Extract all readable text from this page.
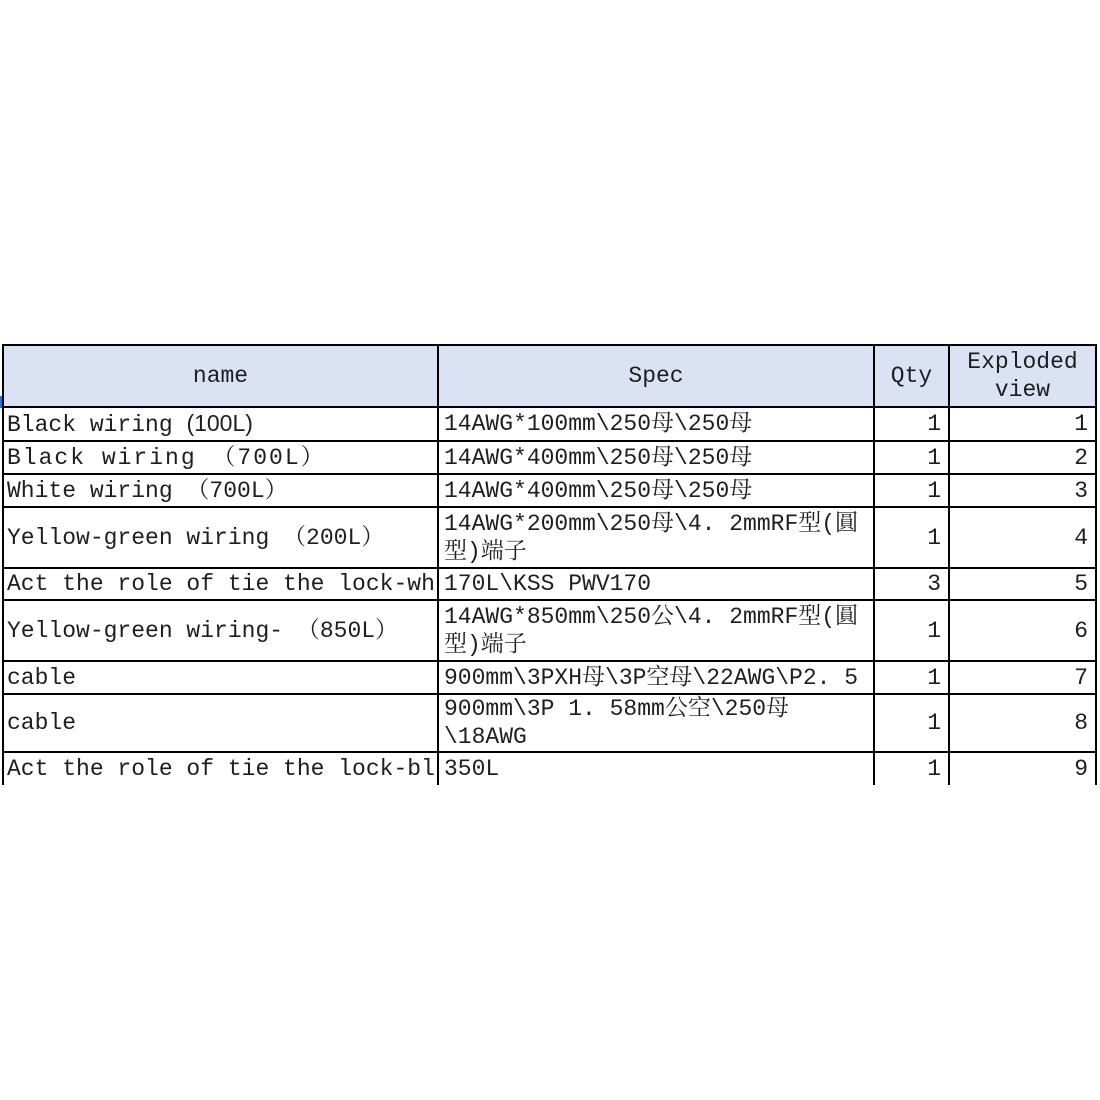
name	Spec	Qty	Exploded view
Black wiring (100L)	14AWG*100mm\250母\250母	1	1
Black wiring （700L）	14AWG*400mm\250母\250母	1	2
White wiring （700L）	14AWG*400mm\250母\250母	1	3
Yellow-green wiring （200L）	14AWG*200mm\250母\4. 2mmRF型(圓型)端子	1	4
Act the role of tie the lock-wh	170L\KSS PWV170	3	5
Yellow-green wiring- （850L）	14AWG*850mm\250公\4. 2mmRF型(圓型)端子	1	6
cable	900mm\3PXH母\3P空母\22AWG\P2. 5	1	7
cable	900mm\3P 1. 58mm公空\250母\18AWG	1	8
Act the role of tie the lock-bl	350L	1	9
